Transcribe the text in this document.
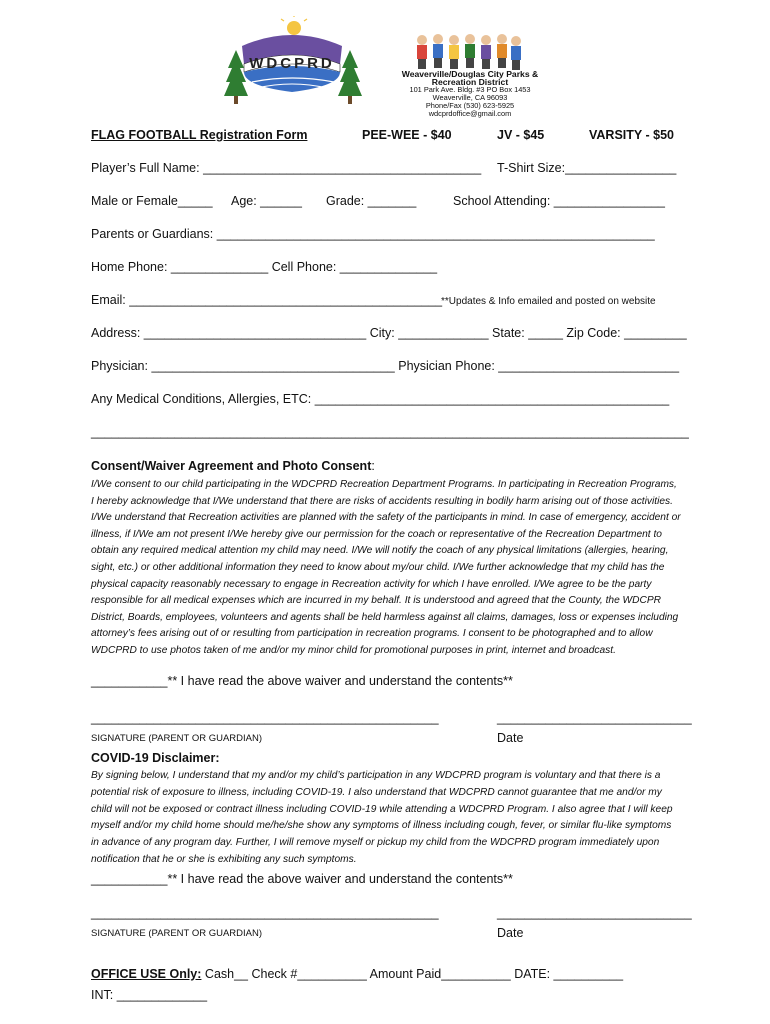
WDCPRD
Weaverville/Douglas City Parks & Recreation District
101 Park Ave. Bldg. #3 PO Box 1453
Weaverville, CA 96093
Phone/Fax (530) 623-5925 wdcprdoffice@gmail.com
FLAG FOOTBALL Registration Form	PEE-WEE - $40	JV - $45	VARSITY - $50
Player’s Full Name: ________________________________________ T-Shirt Size:________________
Male or Female_____ Age: ______ Grade: _______	School Attending: ________________
Parents or Guardians: _______________________________________________________________
Home Phone: ______________ Cell Phone: ______________
Email: _____________________________________________
**Updates & Info emailed and posted on website
Address: ________________________________ City: _____________ State: _____ Zip Code: _________
Physician: ___________________________________ Physician Phone: __________________________
Any Medical Conditions, Allergies, ETC: ___________________________________________________
______________________________________________________________________________________
Consent/Waiver Agreement and Photo Consent:
I/We consent to our child participating in the WDCPRD Recreation Department Programs. In participating in Recreation Programs, I hereby acknowledge that I/We understand that there are risks of accidents resulting in bodily harm arising out of those activities. I/We understand that Recreation activities are planned with the safety of the participants in mind. In case of emergency, accident or illness, if I/We am not present I/We hereby give our permission for the coach or representative of the Recreation Department to obtain any required medical attention my child may need. I/We will notify the coach of any physical limitations (allergies, hearing, sight, etc.) or other additional information they need to know about my/our child. I/We further acknowledge that my child has the physical capacity reasonably necessary to engage in Recreation activity for which I have enrolled. I/We agree to be the party responsible for all medical expenses which are incurred in my behalf. It is understood and agreed that the County, the WDCPR District, Boards, employees, volunteers and agents shall be held harmless against all claims, damages, loss or expenses including attorney’s fees arising out of or resulting from participation in recreation programs. I consent to be photographed and to allow WDCPRD to use photos taken of me and/or my minor child for promotional purposes in print, internet and broadcast.
___________** I have read the above waiver and understand the contents**
__________________________________________________	____________________________
SIGNATURE (PARENT OR GUARDIAN)	Date
COVID-19 Disclaimer:
By signing below, I understand that my and/or my child’s participation in any WDCPRD program is voluntary and that there is a potential risk of exposure to illness, including COVID-19. I also understand that WDCPRD cannot guarantee that me and/or my child will not be exposed or contract illness including COVID-19 while attending a WDCPRD Program. I also agree that I will keep myself and/or my child home should me/he/she show any symptoms of illness including cough, fever, or similar flu-like symptoms in advance of any program day. Further, I will remove myself or pickup my child from the WDCPRD program immediately upon notification that he or she is exhibiting any such symptoms.
___________** I have read the above waiver and understand the contents**
__________________________________________________	____________________________
SIGNATURE (PARENT OR GUARDIAN)	Date
OFFICE USE Only: Cash__ Check #__________ Amount Paid__________ DATE: __________
INT: _____________
